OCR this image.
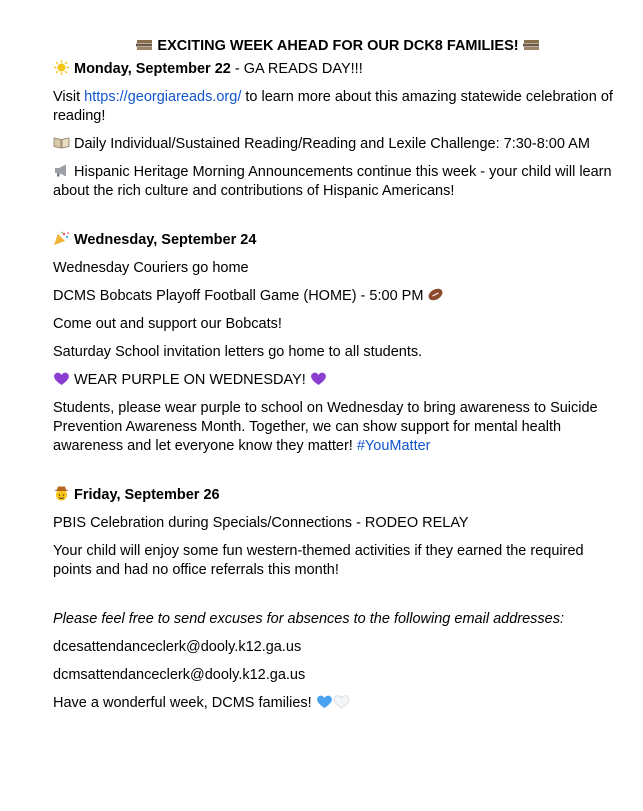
EXCITING WEEK AHEAD FOR OUR DCK8 FAMILIES!

Monday, September 22 - GA READS DAY!!!

Visit https://georgiareads.org/ to learn more about this amazing statewide celebration of reading!

Daily Individual/Sustained Reading/Reading and Lexile Challenge: 7:30-8:00 AM

Hispanic Heritage Morning Announcements continue this week - your child will learn about the rich culture and contributions of Hispanic Americans!

Wednesday, September 24

Wednesday Couriers go home

DCMS Bobcats Playoff Football Game (HOME) - 5:00 PM

Come out and support our Bobcats!

Saturday School invitation letters go home to all students.

WEAR PURPLE ON WEDNESDAY!

Students, please wear purple to school on Wednesday to bring awareness to Suicide Prevention Awareness Month. Together, we can show support for mental health awareness and let everyone know they matter! #YouMatter

Friday, September 26

PBIS Celebration during Specials/Connections - RODEO RELAY

Your child will enjoy some fun western-themed activities if they earned the required points and had no office referrals this month!

Please feel free to send excuses for absences to the following email addresses:

dcesattendanceclerk@dooly.k12.ga.us

dcmsattendanceclerk@dooly.k12.ga.us

Have a wonderful week, DCMS families!
